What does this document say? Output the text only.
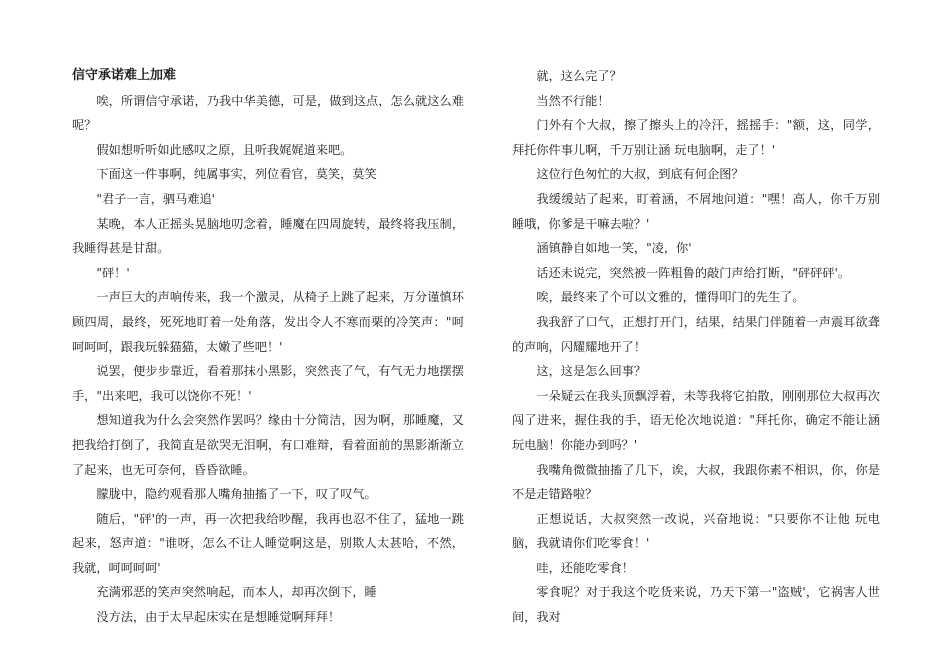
信守承诺难上加难

唉，所谓信守承诺，乃我中华美德，可是，做到这点，怎么就这么难呢？

假如想听听如此感叹之原，且听我娓娓道来吧。

下面这一件事啊，纯属事实，列位看官，莫笑，莫笑

"君子一言，驷马难追'

某晚，本人正摇头晃脑地叨念着，睡魔在四周旋转，最终将我压制，我睡得甚是甘甜。

"砰！'

一声巨大的声响传来，我一个激灵，从椅子上跳了起来，万分谨慎环顾四周，最终，死死地盯着一处角落，发出令人不寒而栗的冷笑声："呵呵呵呵，跟我玩躲猫猫，太嫩了些吧！'

说罢，便步步靠近，看着那抹小黑影，突然丧了气，有气无力地摆摆手，"出来吧，我可以饶你不死！'

想知道我为什么会突然作罢吗？缘由十分简洁，因为啊，那睡魔，又把我给打倒了，我简直是欲哭无泪啊，有口难辩，看着面前的黑影渐渐立了起来，也无可奈何，昏昏欲睡。

朦胧中，隐约观看那人嘴角抽搐了一下，叹了叹气。

随后，"砰'的一声，再一次把我给吵醒，我再也忍不住了，猛地一跳起来，怒声道："谁呀，怎么不让人睡觉啊这是，别欺人太甚哈，不然，我就，呵呵呵呵'

充满邪恶的笑声突然响起，而本人，却再次倒下，睡

没方法，由于太早起床实在是想睡觉啊拜拜！

就，这么完了？

当然不行能！

门外有个大叔，擦了擦头上的冷汗，摇摇手："额，这，同学，拜托你件事儿啊，千万别让涵 玩电脑啊，走了！'

这位行色匆忙的大叔，到底有何企图？

我缓缓站了起来，盯着涵，不屑地问道："嘿！高人，你千万别睡哦，你爹是干嘛去啦？'

涵镇静自如地一笑，"凌，你'

话还未说完，突然被一阵粗鲁的敲门声给打断，"砰砰砰'。

唉，最终来了个可以文雅的，懂得叩门的先生了。

我我舒了口气，正想打开门，结果，结果门伴随着一声震耳欲聋的声响，闪耀耀地开了！

这，这是怎么回事？

一朵疑云在我头顶飘浮着，未等我将它拍散，刚刚那位大叔再次闯了进来，握住我的手，语无伦次地说道："拜托你，确定不能让涵 玩电脑！你能办到吗？'

我嘴角微微抽搐了几下，诶，大叔，我跟你素不相识，你，你是不是走错路啦？

正想说话，大叔突然一改说，兴奋地说："只要你不让他 玩电脑，我就请你们吃零食！'

哇，还能吃零食！

零食呢？对于我这个吃货来说，乃天下第一"盗贼'，它祸害人世间，我对
